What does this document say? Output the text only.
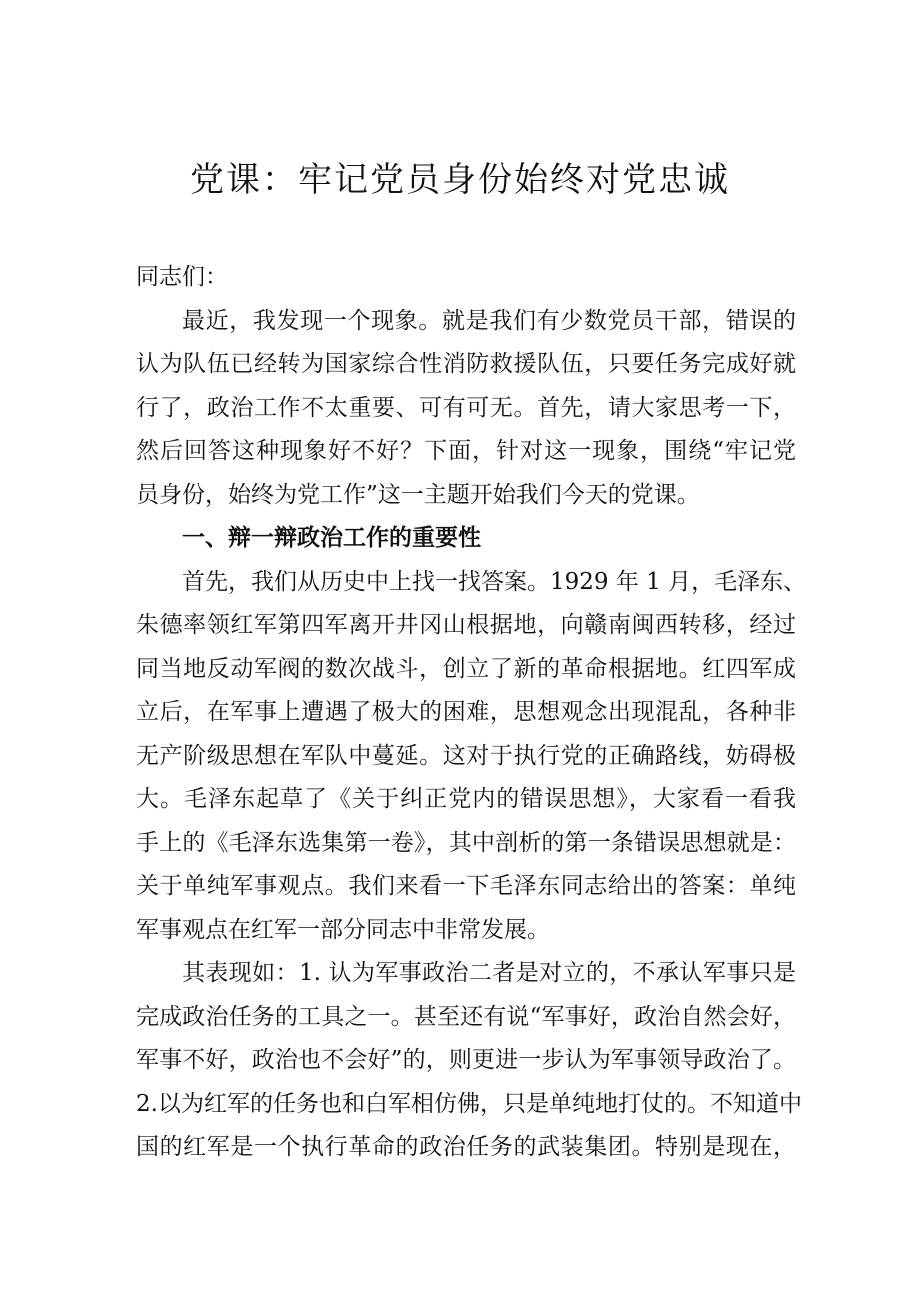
党课：牢记党员身份始终对党忠诚
同志们：
最近，我发现一个现象。就是我们有少数党员干部，错误的
认为队伍已经转为国家综合性消防救援队伍，只要任务完成好就
行了，政治工作不太重要、可有可无。首先，请大家思考一下，
然后回答这种现象好不好？下面，针对这一现象，围绕“牢记党
员身份，始终为党工作”这一主题开始我们今天的党课。
一、辩一辩政治工作的重要性
首先，我们从历史中上找一找答案。1929 年 1 月，毛泽东、
朱德率领红军第四军离开井冈山根据地，向赣南闽西转移，经过
同当地反动军阀的数次战斗，创立了新的革命根据地。红四军成
立后，在军事上遭遇了极大的困难，思想观念出现混乱，各种非
无产阶级思想在军队中蔓延。这对于执行党的正确路线，妨碍极
大。毛泽东起草了《关于纠正党内的错误思想》，大家看一看我
手上的《毛泽东选集第一卷》，其中剖析的第一条错误思想就是：
关于单纯军事观点。我们来看一下毛泽东同志给出的答案：单纯
军事观点在红军一部分同志中非常发展。
其表现如：1. 认为军事政治二者是对立的，不承认军事只是
完成政治任务的工具之一。甚至还有说“军事好，政治自然会好，
军事不好，政治也不会好”的，则更进一步认为军事领导政治了。
2.以为红军的任务也和白军相仿佛，只是单纯地打仗的。不知道中
国的红军是一个执行革命的政治任务的武装集团。特别是现在，
